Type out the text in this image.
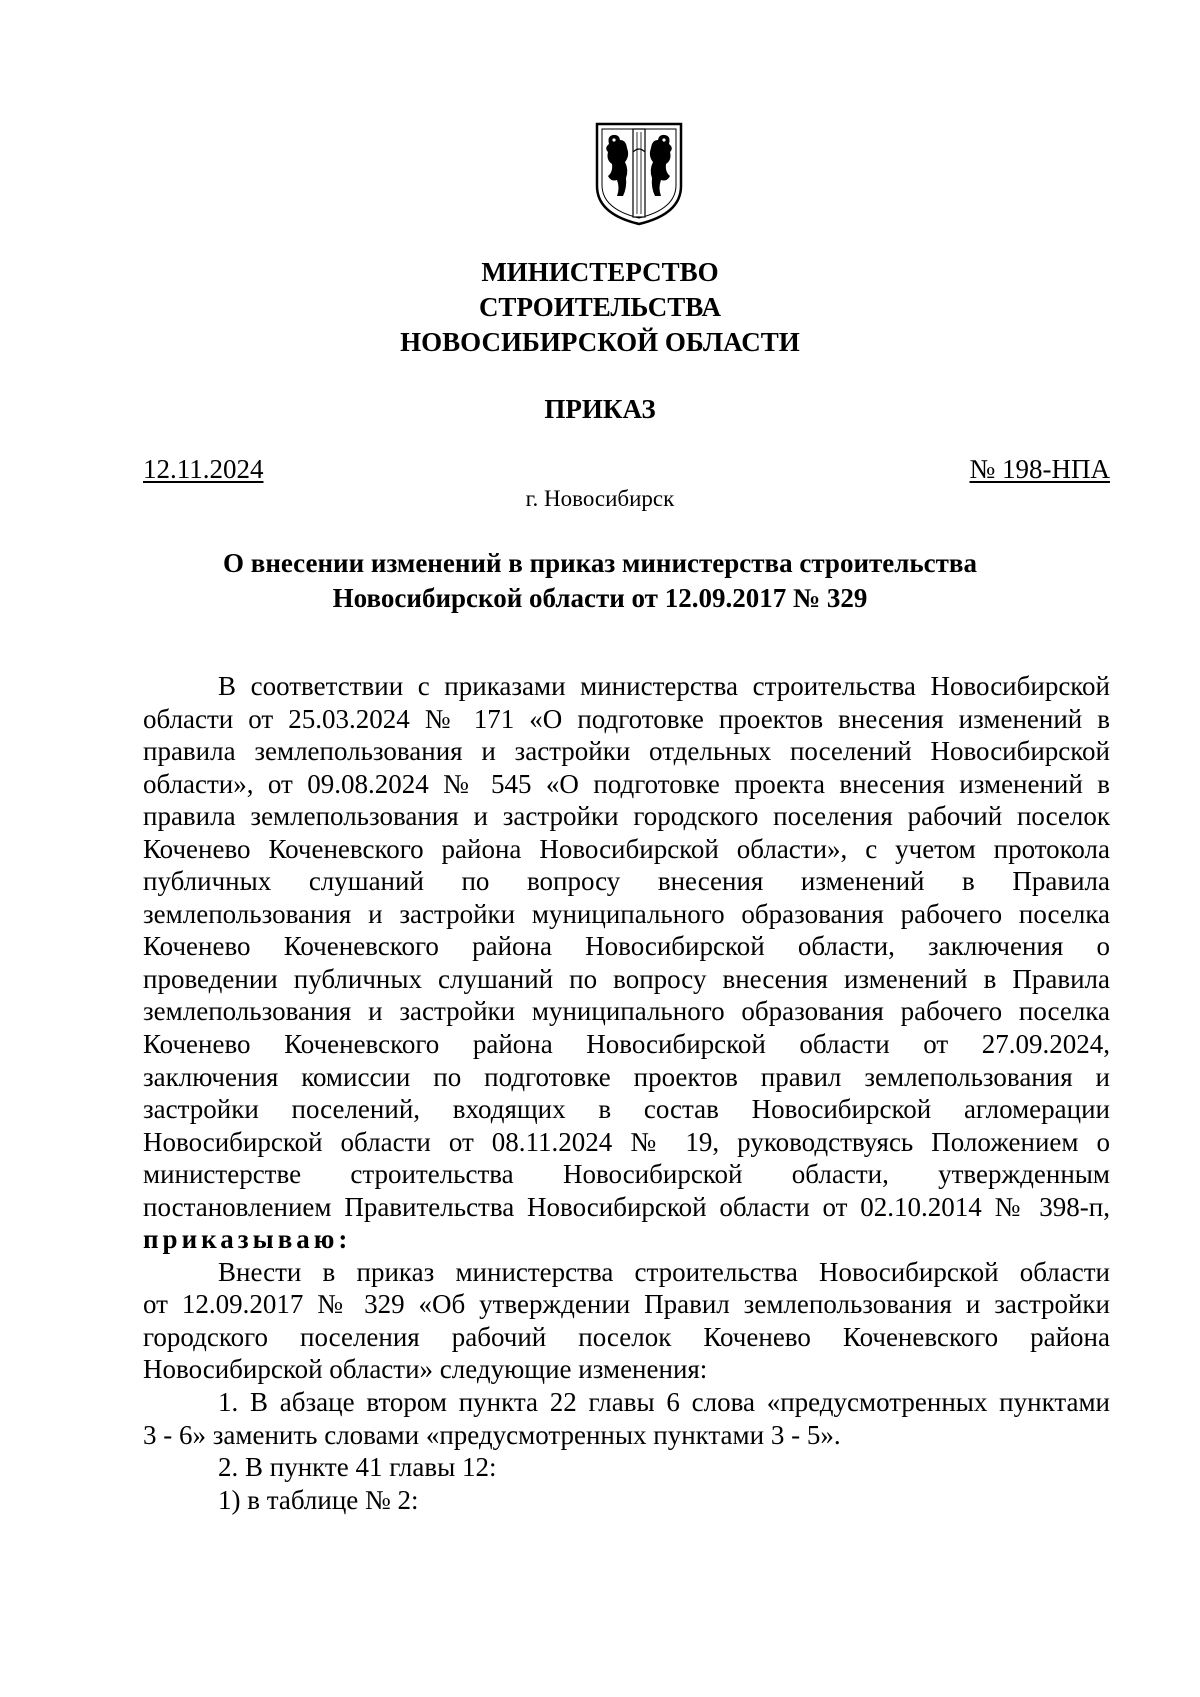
МИНИСТЕРСТВО
СТРОИТЕЛЬСТВА
НОВОСИБИРСКОЙ ОБЛАСТИ
ПРИКАЗ
12.11.2024	№ 198-НПА
г. Новосибирск
О внесении изменений в приказ министерства строительства
Новосибирской области от 12.09.2017 № 329
В соответствии с приказами министерства строительства Новосибирской
области от 25.03.2024 № 171 «О подготовке проектов внесения изменений в
правила землепользования и застройки отдельных поселений Новосибирской
области», от 09.08.2024 № 545 «О подготовке проекта внесения изменений в
правила землепользования и застройки городского поселения рабочий поселок
Коченево Коченевского района Новосибирской области», с учетом протокола
публичных слушаний по вопросу внесения изменений в Правила
землепользования и застройки муниципального образования рабочего поселка
Коченево Коченевского района Новосибирской области, заключения о
проведении публичных слушаний по вопросу внесения изменений в Правила
землепользования и застройки муниципального образования рабочего поселка
Коченево Коченевского района Новосибирской области от 27.09.2024,
заключения комиссии по подготовке проектов правил землепользования и
застройки поселений, входящих в состав Новосибирской агломерации
Новосибирской области от 08.11.2024 № 19, руководствуясь Положением о
министерстве строительства Новосибирской области, утвержденным
постановлением Правительства Новосибирской области от 02.10.2014 № 398-п,
приказываю:
Внести в приказ министерства строительства Новосибирской области
от 12.09.2017 № 329 «Об утверждении Правил землепользования и застройки
городского поселения рабочий поселок Коченево Коченевского района
Новосибирской области» следующие изменения:
1. В абзаце втором пункта 22 главы 6 слова «предусмотренных пунктами
3 - 6» заменить словами «предусмотренных пунктами 3 - 5».
2. В пункте 41 главы 12:
1) в таблице № 2:
